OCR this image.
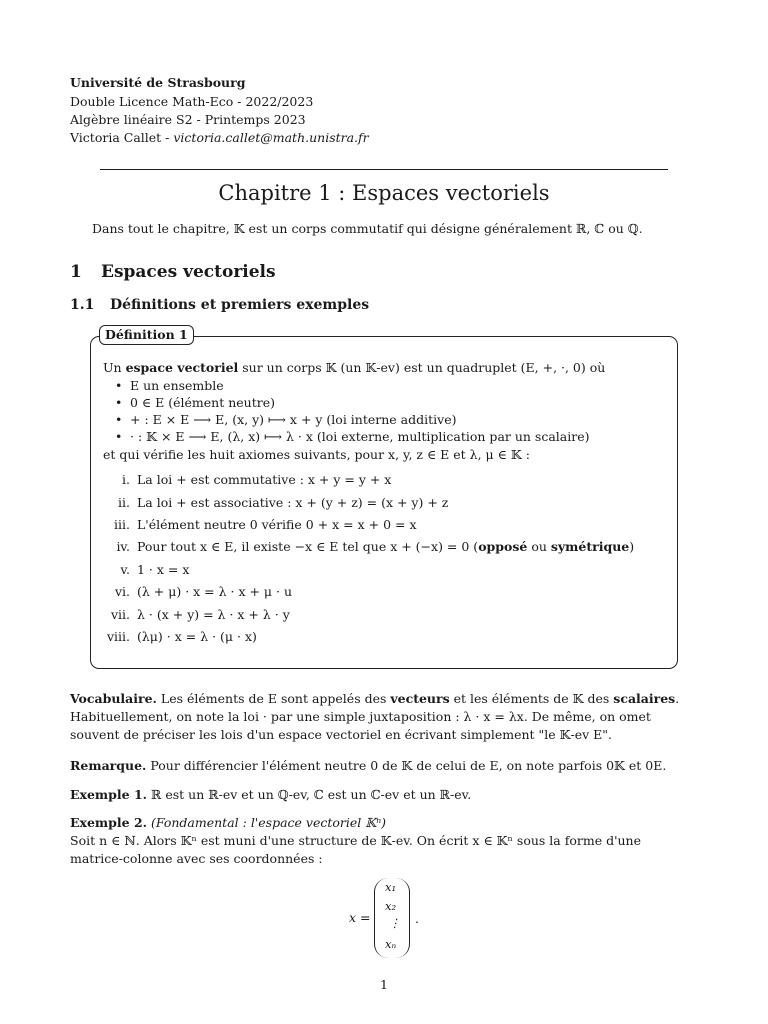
Université de Strasbourg
Double Licence Math-Eco - 2022/2023
Algèbre linéaire S2 - Printemps 2023
Victoria Callet - victoria.callet@math.unistra.fr
Chapitre 1 : Espaces vectoriels
Dans tout le chapitre, 𝕂 est un corps commutatif qui désigne généralement ℝ, ℂ ou ℚ.
1 Espaces vectoriels
1.1 Définitions et premiers exemples
Définition 1
Un espace vectoriel sur un corps 𝕂 (un 𝕂-ev) est un quadruplet (E, +, ·, 0) où
• E un ensemble
• 0 ∈ E (élément neutre)
• + : E × E ⟶ E, (x, y) ⟼ x + y (loi interne additive)
• · : 𝕂 × E ⟶ E, (λ, x) ⟼ λ · x (loi externe, multiplication par un scalaire)
et qui vérifie les huit axiomes suivants, pour x, y, z ∈ E et λ, μ ∈ 𝕂 :
i. La loi + est commutative : x + y = y + x
ii. La loi + est associative : x + (y + z) = (x + y) + z
iii. L'élément neutre 0 vérifie 0 + x = x + 0 = x
iv. Pour tout x ∈ E, il existe −x ∈ E tel que x + (−x) = 0 (opposé ou symétrique)
v. 1 · x = x
vi. (λ + μ) · x = λ · x + μ · u
vii. λ · (x + y) = λ · x + λ · y
viii. (λμ) · x = λ · (μ · x)
Vocabulaire. Les éléments de E sont appelés des vecteurs et les éléments de 𝕂 des scalaires. Habituellement, on note la loi · par une simple juxtaposition : λ · x = λx. De même, on omet souvent de préciser les lois d'un espace vectoriel en écrivant simplement "le 𝕂-ev E".
Remarque. Pour différencier l'élément neutre 0 de 𝕂 de celui de E, on note parfois 0𝕂 et 0E.
Exemple 1. ℝ est un ℝ-ev et un ℚ-ev, ℂ est un ℂ-ev et un ℝ-ev.
Exemple 2. (Fondamental : l'espace vectoriel 𝕂ⁿ)
Soit n ∈ ℕ. Alors 𝕂ⁿ est muni d'une structure de 𝕂-ev. On écrit x ∈ 𝕂ⁿ sous la forme d'une matrice-colonne avec ses coordonnées :
x =
x₁
x₂
⋮
xₙ
.
1
